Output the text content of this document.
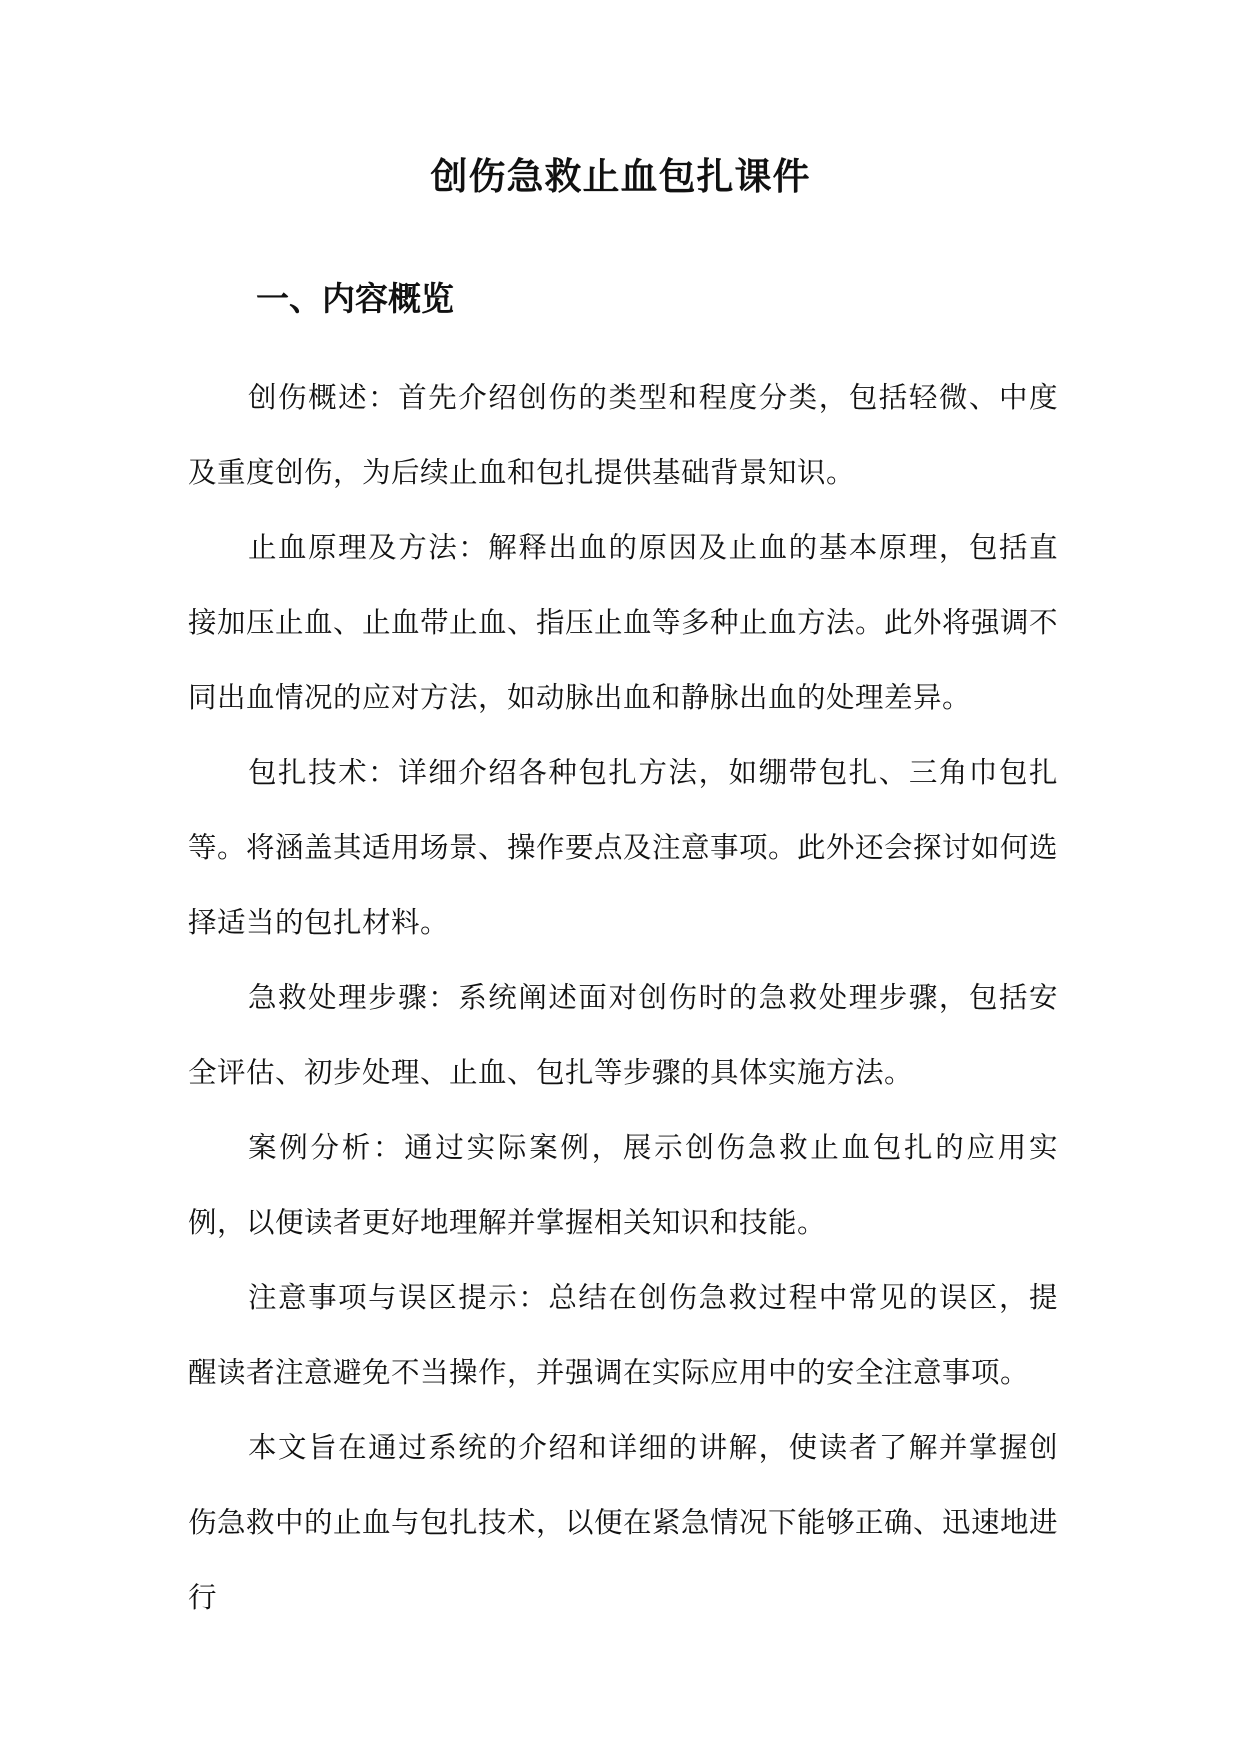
创伤急救止血包扎课件
一、内容概览

创伤概述：首先介绍创伤的类型和程度分类，包括轻微、中度及重度创伤，为后续止血和包扎提供基础背景知识。

止血原理及方法：解释出血的原因及止血的基本原理，包括直接加压止血、止血带止血、指压止血等多种止血方法。此外将强调不同出血情况的应对方法，如动脉出血和静脉出血的处理差异。

包扎技术：详细介绍各种包扎方法，如绷带包扎、三角巾包扎等。将涵盖其适用场景、操作要点及注意事项。此外还会探讨如何选择适当的包扎材料。

急救处理步骤：系统阐述面对创伤时的急救处理步骤，包括安全评估、初步处理、止血、包扎等步骤的具体实施方法。

案例分析：通过实际案例，展示创伤急救止血包扎的应用实例，以便读者更好地理解并掌握相关知识和技能。

注意事项与误区提示：总结在创伤急救过程中常见的误区，提醒读者注意避免不当操作，并强调在实际应用中的安全注意事项。

本文旨在通过系统的介绍和详细的讲解，使读者了解并掌握创伤急救中的止血与包扎技术，以便在紧急情况下能够正确、迅速地进行
